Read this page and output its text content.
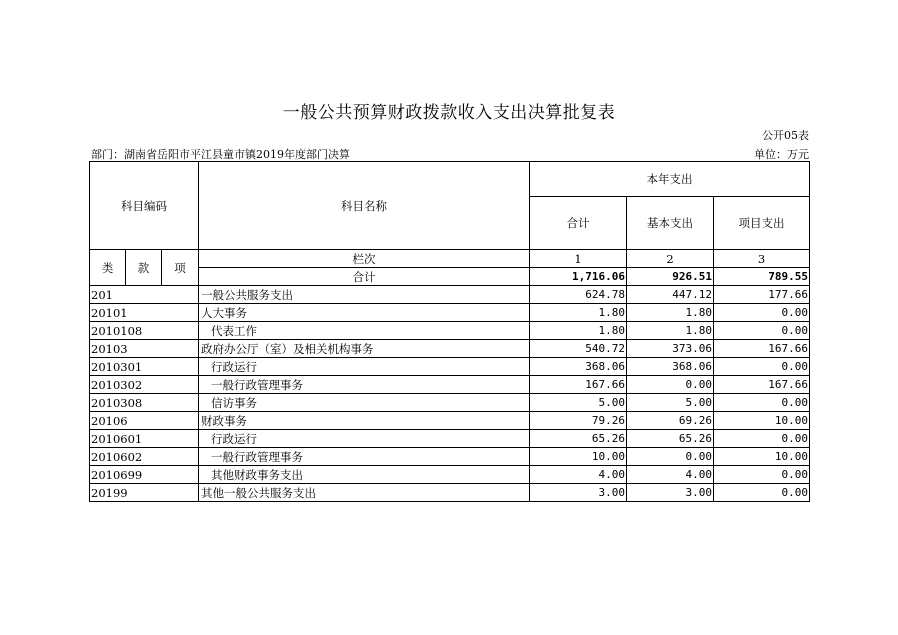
一般公共预算财政拨款收入支出决算批复表
公开05表
部门：湖南省岳阳市平江县童市镇2019年度部门决算	单位：万元
科目编码			科目名称	本年支出		
				合计	基本支出	项目支出
类	款	项	栏次	1	2	3
			合计	1,716.06	926.51	789.55
201			一般公共服务支出	624.78	447.12	177.66
20101			人大事务	1.80	1.80	0.00
2010108			代表工作	1.80	1.80	0.00
20103			政府办公厅（室）及相关机构事务	540.72	373.06	167.66
2010301			行政运行	368.06	368.06	0.00
2010302			一般行政管理事务	167.66	0.00	167.66
2010308			信访事务	5.00	5.00	0.00
20106			财政事务	79.26	69.26	10.00
2010601			行政运行	65.26	65.26	0.00
2010602			一般行政管理事务	10.00	0.00	10.00
2010699			其他财政事务支出	4.00	4.00	0.00
20199			其他一般公共服务支出	3.00	3.00	0.00
